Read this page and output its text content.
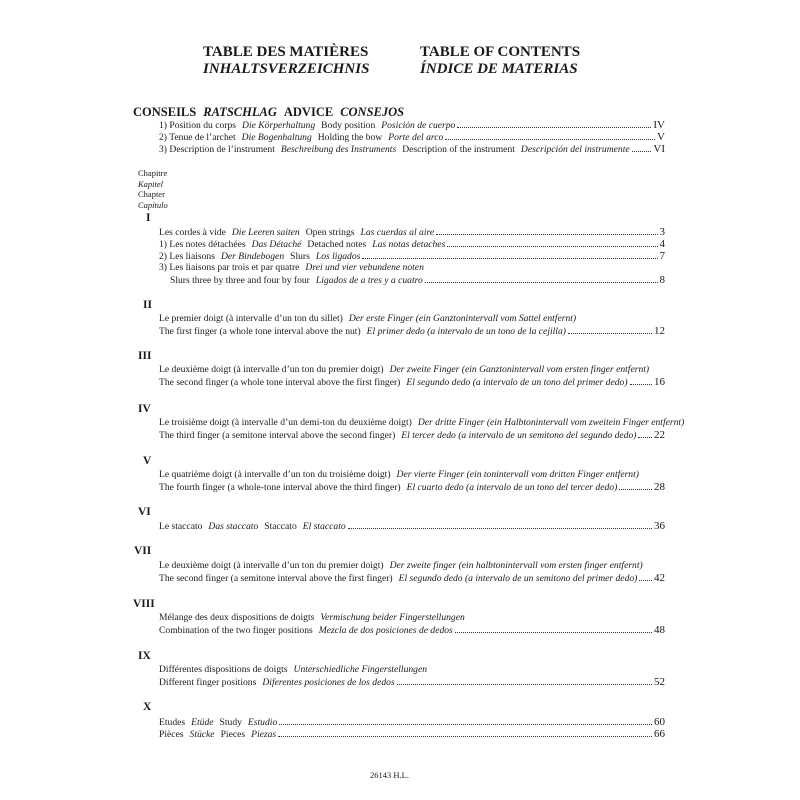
TABLE DES MATIÈRES
INHALTSVERZEICHNIS
TABLE OF CONTENTS
ÍNDICE DE MATERIAS
CONSEILS RATSCHLAG ADVICE CONSEJOS
1) Position du corps Die Körperhaltung Body position Posición de cuerpo	IV
2) Tenue de l’archet Die Bogenhaltung Holding the bow Porte del arco	V
3) Description de l’instrument Beschreibung des Instruments Description of the instrument Descripción del instrumente VI
Chapitre
Kapitel
Chapter
Capítulo
I
Les cordes à vide Die Leeren saiten Open strings Las cuerdas al aire	3
1) Les notes détachées Das Détaché Detached notes Las notas detaches	4
2) Les liaisons Der Bindebogen Slurs Los ligados	7
3) Les liaisons par trois et par quatre Drei und vier vebundene noten
Slurs three by three and four by four Ligados de a tres y a cuatro	8
II
Le premier doigt (à intervalle d’un ton du sillet) Der erste Finger (ein Ganztonintervall vom Sattel entfernt)
The first finger (a whole tone interval above the nut) El primer dedo (a intervalo de un tono de la cejilla)	12
III
Le deuxième doigt (à intervalle d’un ton du premier doigt) Der zweite Finger (ein Ganztonintervall vom ersten finger entfernt)
The second finger (a whole tone interval above the first finger) El segundo dedo (a intervalo de un tono del primer dedo) 16
IV
Le troisième doigt (à intervalle d’un demi-ton du deuxième doigt) Der dritte Finger (ein Halbtonintervall vom zweitein Finger entfernt)
The third finger (a semitone interval above the second finger) El tercer dedo (a intervalo de un semitono del segundo dedo) 22
V
Le quatrième doigt (à intervalle d’un ton du troisième doigt) Der vierte Finger (ein tonintervall vom dritten Finger entfernt)
The fourth finger (a whole-tone interval above the third finger) El cuarto dedo (a intervalo de un tono del tercer dedo)	28
VI
Le staccato Das staccato Staccato El staccato	36
VII
Le deuxième doigt (à intervalle d’un ton du premier doigt) Der zweite finger (ein halbtonintervall vom ersten finger entfernt)
The second finger (a semitone interval above the first finger) El segundo dedo (a intervalo de un semitono del primer dedo) 42
VIII
Mélange des deux dispositions de doigts Vermischung beider Fingerstellungen
Combination of the two finger positions Mezcla de dos posiciones de dedos	48
IX
Différentes dispositions de doigts Unterschiedliche Fingerstellungen
Different finger positions Diferentes posiciones de los dedos	52
X
Etudes Etüde Study Estudio	60
Pièces Stücke Pieces Piezas	66
26143 H.L.
